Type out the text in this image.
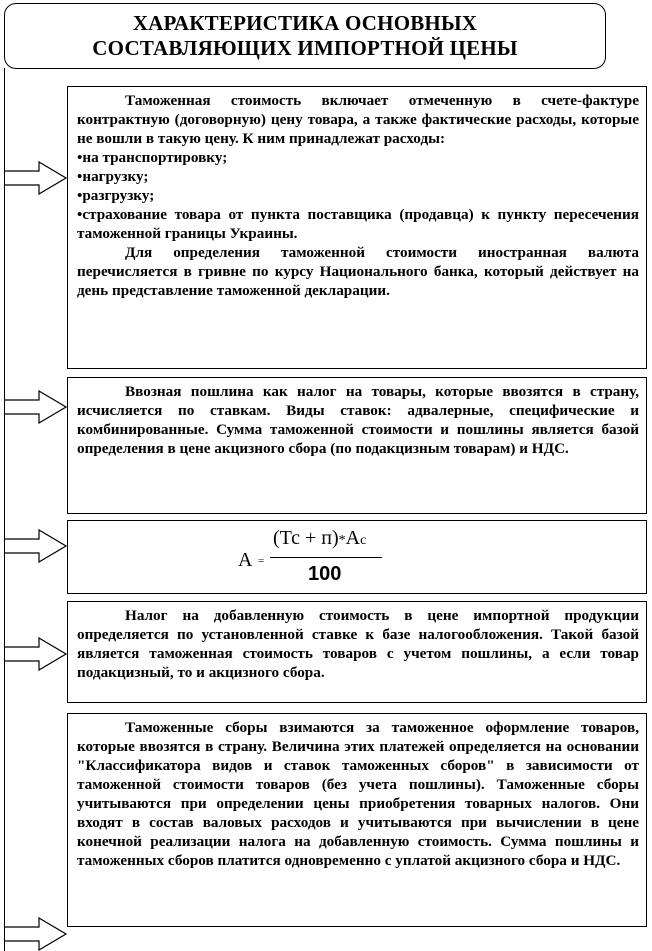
ХАРАКТЕРИСТИКА ОСНОВНЫХ
СОСТАВЛЯЮЩИХ ИМПОРТНОЙ ЦЕНЫ

Таможенная стоимость включает отмеченную в счете-фактуре контрактную (договорную) цену товара, а также фактические расходы, которые не вошли в такую цену. К ним принадлежат расходы:

•на транспортировку;

•нагрузку;

•разгрузку;

•страхование товара от пункта поставщика (продавца) к пункту пересечения таможенной границы Украины.

Для определения таможенной стоимости иностранная валюта перечисляется в гривне по курсу Национального банка, который действует на день представление таможенной декларации.

Ввозная пошлина как налог на товары, которые ввозятся в страну, исчисляется по ставкам. Виды ставок: адвалерные, специфические и комбинированные. Сумма таможенной стоимости и пошлины является базой определения в цене акцизного сбора (по подакцизным товарам) и НДС.

А =
(Тс + п)*Ас
100

Налог на добавленную стоимость в цене импортной продукции определяется по установленной ставке к базе налогообложения. Такой базой является таможенная стоимость товаров с учетом пошлины, а если товар подакцизный, то и акцизного сбора.

Таможенные сборы взимаются за таможенное оформление товаров, которые ввозятся в страну. Величина этих платежей определяется на основании "Классификатора видов и ставок таможенных сборов" в зависимости от таможенной стоимости товаров (без учета пошлины). Таможенные сборы учитываются при определении цены приобретения товарных налогов. Они входят в состав валовых расходов и учитываются при вычислении в цене конечной реализации налога на добавленную стоимость. Сумма пошлины и таможенных сборов платится одновременно с уплатой акцизного сбора и НДС.
